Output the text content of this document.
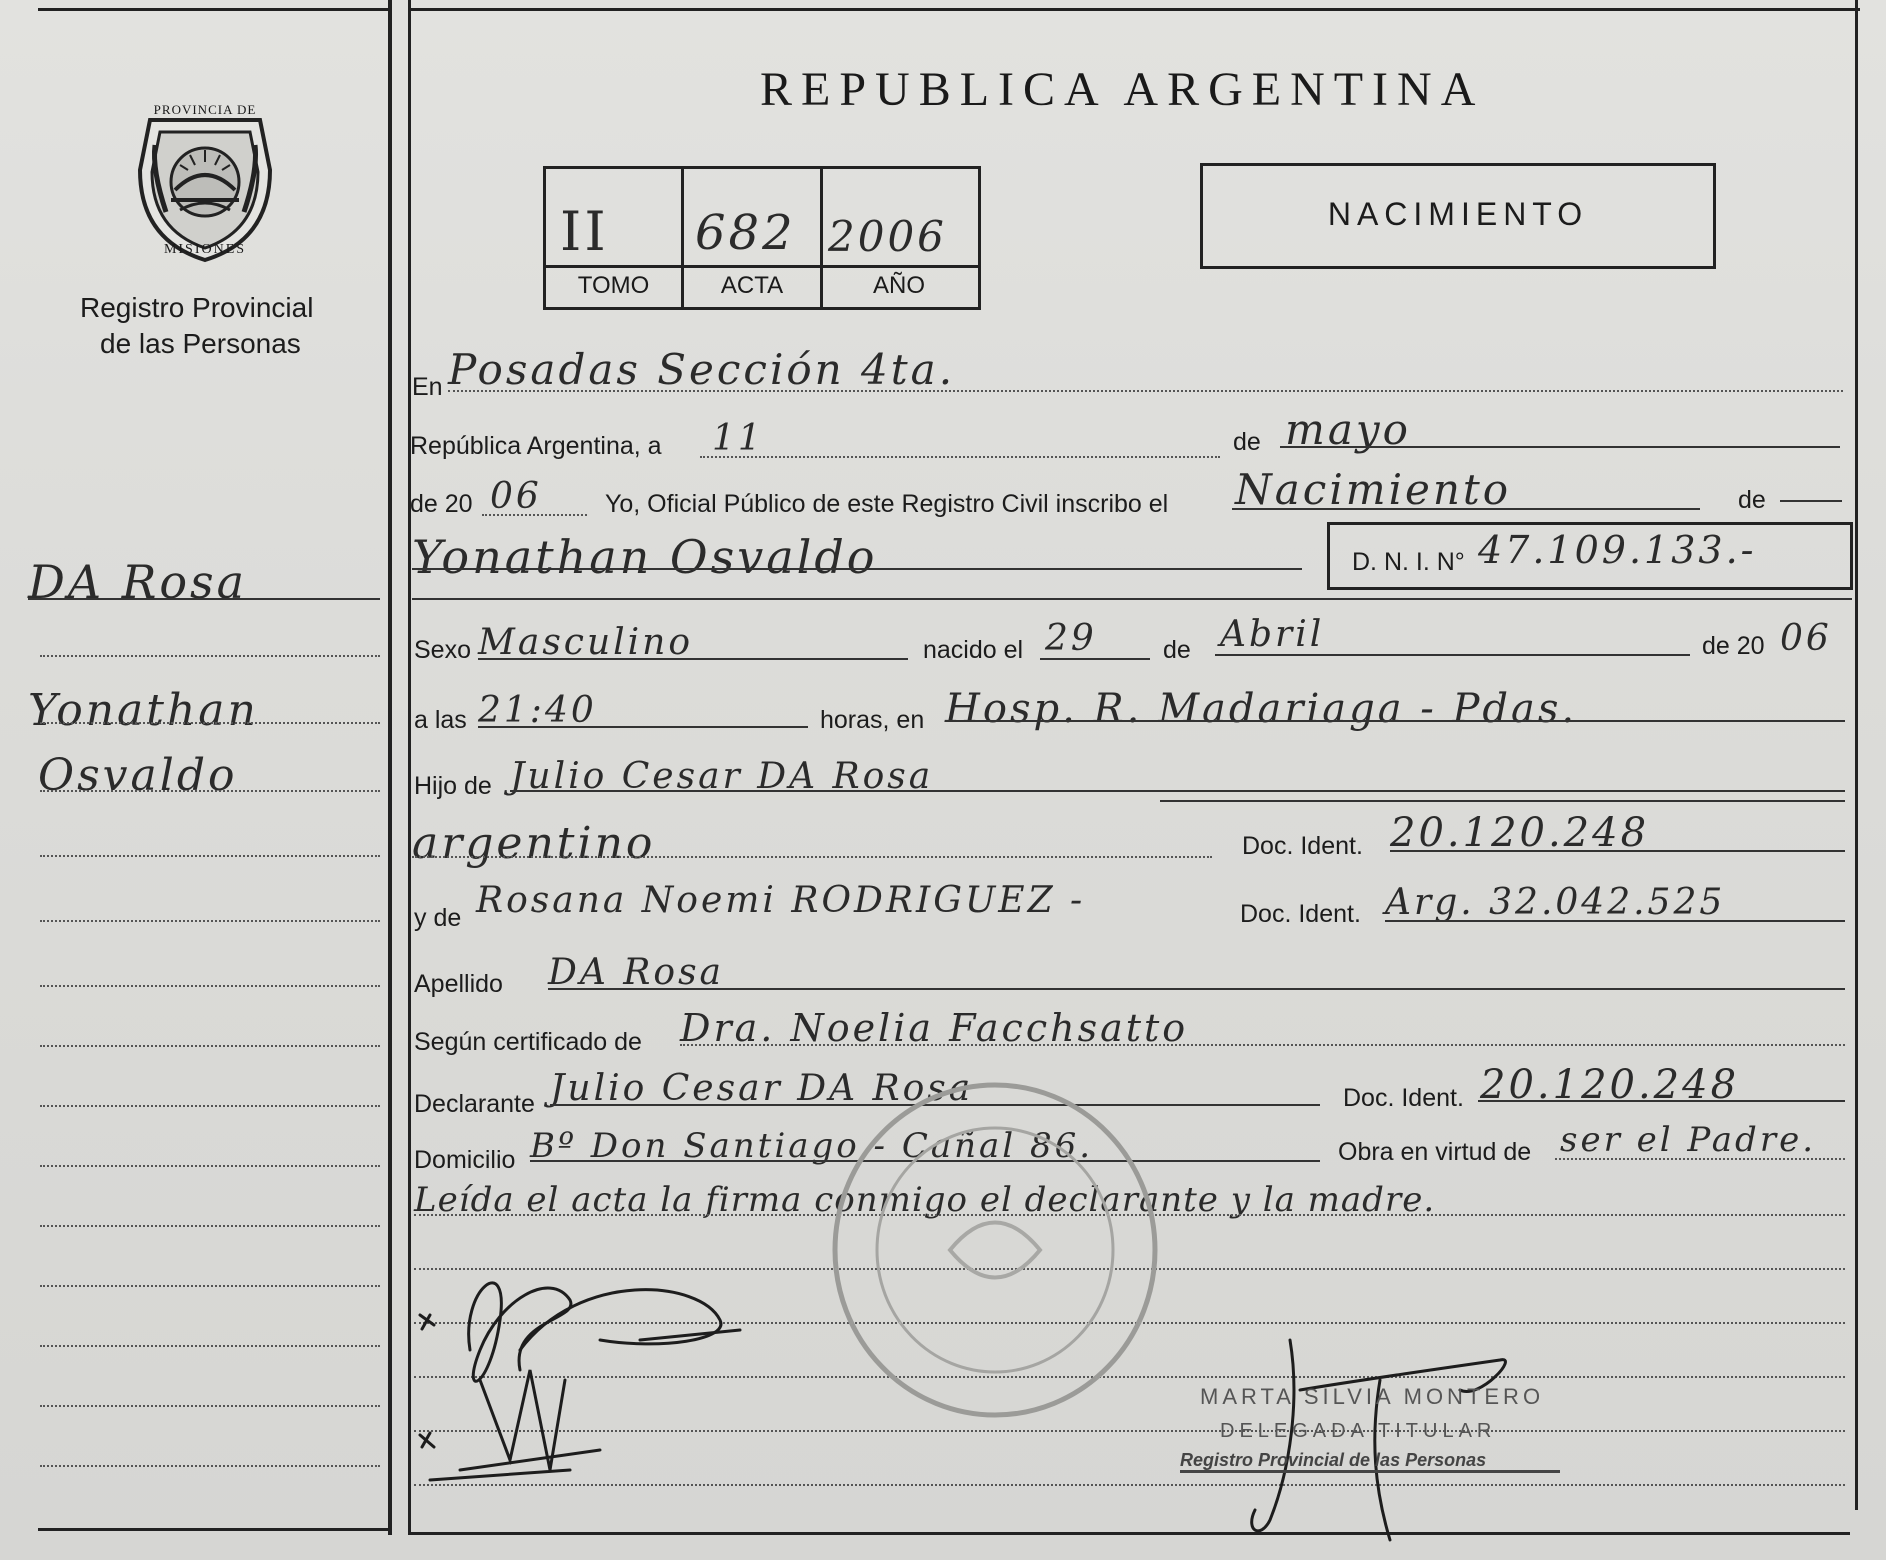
PROVINCIA DE
MISIONES
Registro Provincial
de las Personas
DA Rosa
Yonathan
Osvaldo
REPUBLICA ARGENTINA
II 682 2006
TOMO	ACTA	AÑO
NACIMIENTO
En Posadas Sección 4ta.
República Argentina, a 11	de mayo
de 20 06	Yo, Oficial Público de este Registro Civil inscribo el Nacimiento	de
Yonathan Osvaldo	D. N. I. N° 47.109.133.-
Sexo Masculino	nacido el 29	de Abril	de 20 06
a las 21:40	horas, en Hosp. R. Madariaga - Pdas.
Hijo de Julio Cesar DA Rosa
argentino	Doc. Ident. 20.120.248
y de Rosana Noemi RODRIGUEZ -	Doc. Ident. Arg. 32.042.525
Apellido DA Rosa
Según certificado de Dra. Noelia Facchsatto
Declarante Julio Cesar DA Rosa	Doc. Ident. 20.120.248
Domicilio Bº Don Santiago - Cañal 86.	Obra en virtud de ser el Padre.
Leída el acta la firma conmigo el declarante y la madre.
MARTA SILVIA MONTERO
DELEGADA TITULAR
Registro Provincial de las Personas
